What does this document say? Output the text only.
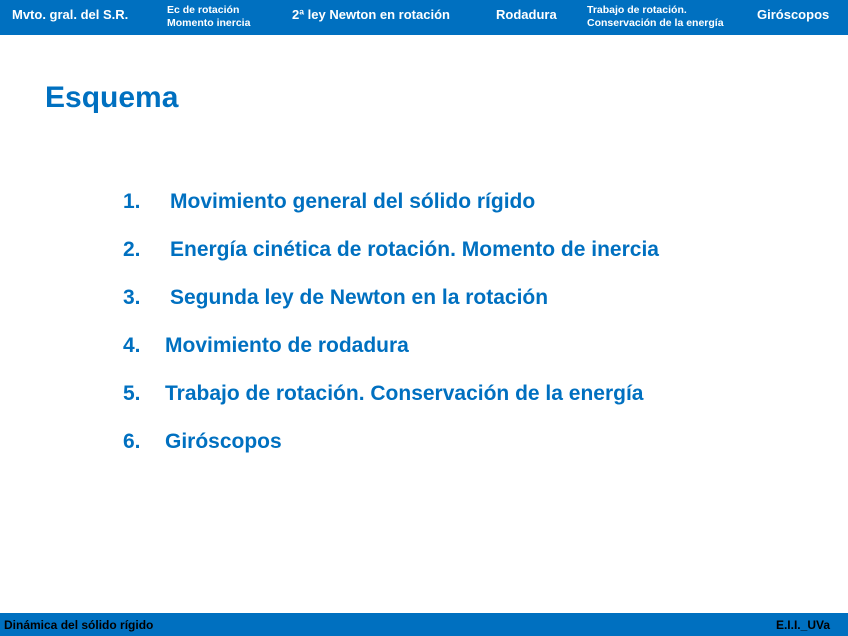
Mvto. gral. del S.R.	Ec de rotación
Momento inercia
2ª ley Newton en rotación	Rodadura	Trabajo de rotación.
Conservación de la energía
Giróscopos
Esquema
1. Movimiento general del sólido rígido
2. Energía cinética de rotación. Momento de inercia
3. Segunda ley de Newton en la rotación
4. Movimiento de rodadura
5. Trabajo de rotación. Conservación de la energía
6. Giróscopos
Dinámica del sólido rígido	E.I.I._UVa
